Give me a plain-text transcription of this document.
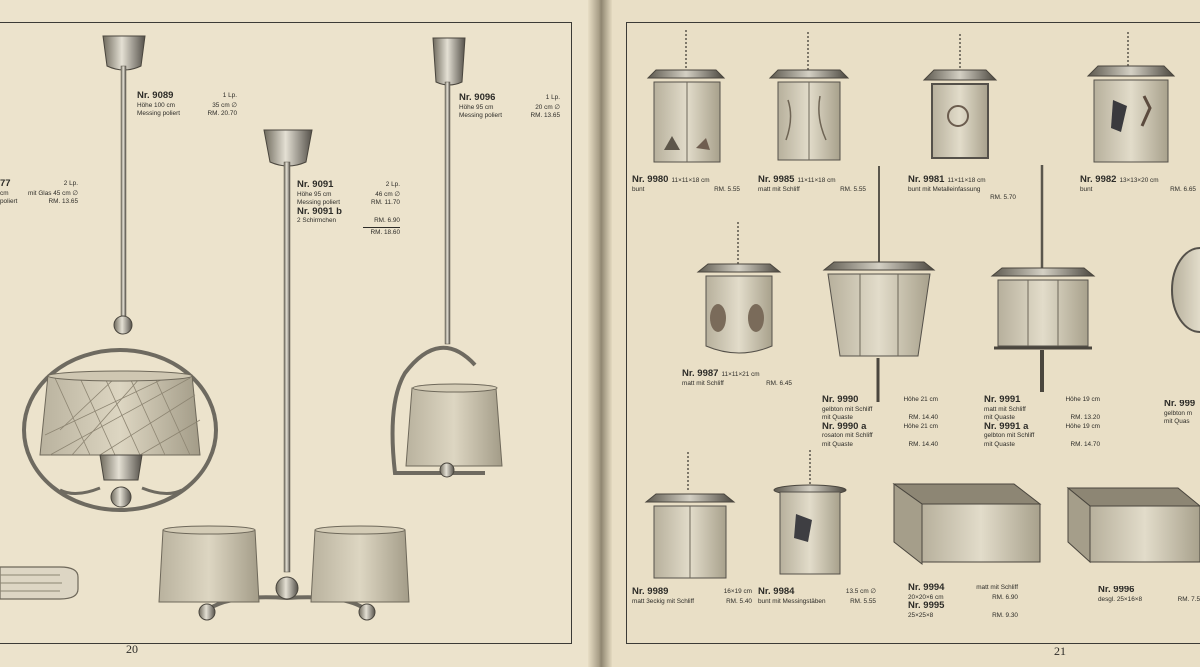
Nr. 9089	1 Lp.
Höhe 100 cm	35 cm ∅
Messing poliert	RM. 20.70
Nr. 9096	1 Lp.
Höhe 95 cm	20 cm ∅
Messing poliert	RM. 13.65
Nr. 9091	2 Lp.
Höhe 95 cm	46 cm ∅
Messing poliert	RM. 11.70
Nr. 9091 b
2 Schirmchen	RM. 6.90
RM. 18.60
77	2 Lp.
cm	mit Glas 45 cm ∅
poliert	RM. 13.65
20
Nr. 9980 11×11×18 cm
bunt	RM. 5.55
Nr. 9985 11×11×18 cm
matt mit Schliff	RM. 5.55
Nr. 9981 11×11×18 cm
bunt mit Metalleinfassung
RM. 5.70
Nr. 9982 13×13×20 cm
bunt	RM. 6.65
Nr. 9987 11×11×21 cm
matt mit Schliff	RM. 6.45
Nr. 9990	Höhe 21 cm
gelbton mit Schliff
mit Quaste	RM. 14.40
Nr. 9990 a	Höhe 21 cm
rosaton mit Schliff
mit Quaste	RM. 14.40
Nr. 9991	Höhe 19 cm
matt mit Schliff
mit Quaste	RM. 13.20
Nr. 9991 a	Höhe 19 cm
gelbton mit Schliff
mit Quaste	RM. 14.70
Nr. 999
gelbton m
mit Quas
Nr. 9989	16×19 cm
matt 3eckig mit Schliff	RM. 5.40
Nr. 9984	13.5 cm ∅
bunt mit Messingstäben	RM. 5.55
Nr. 9994	matt mit Schliff
20×20×6 cm	RM. 6.90
Nr. 9995
25×25×8	RM. 9.30
Nr. 9996
desgl. 25×16×8	RM. 7.5
21
